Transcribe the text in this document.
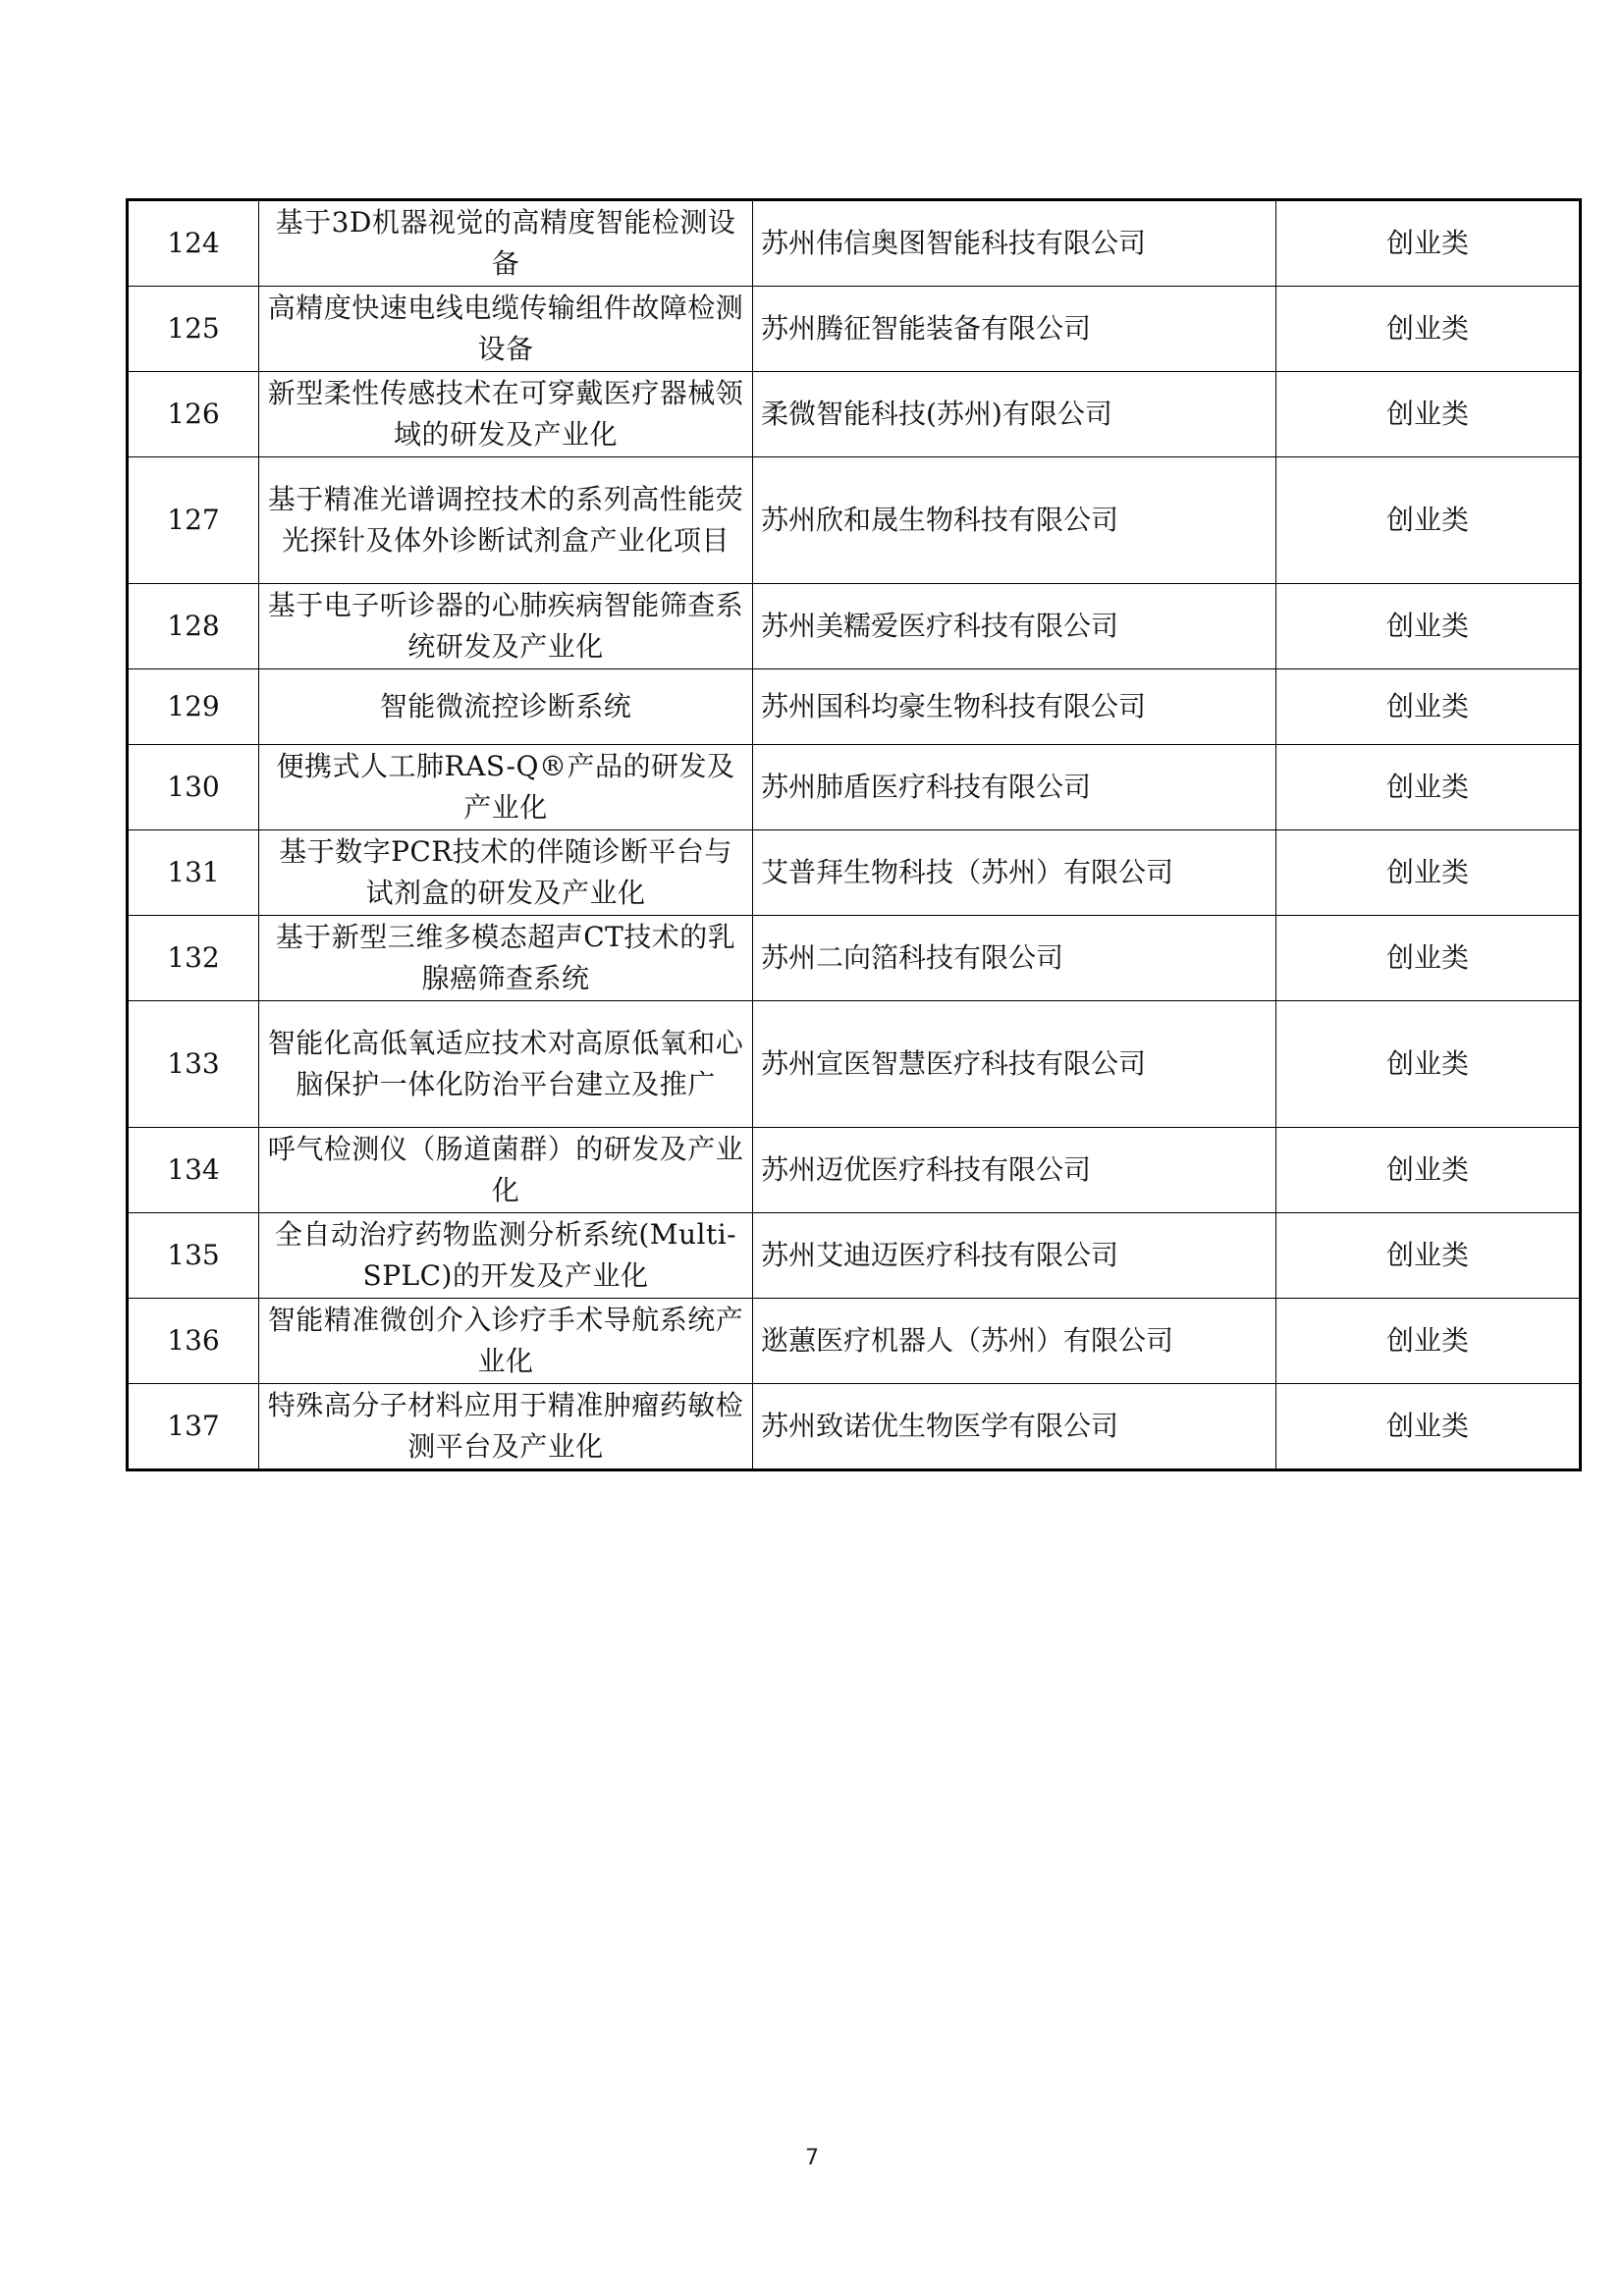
124	基于3D机器视觉的高精度智能检测设备	苏州伟信奥图智能科技有限公司	创业类
125	高精度快速电线电缆传输组件故障检测设备	苏州腾征智能装备有限公司	创业类
126	新型柔性传感技术在可穿戴医疗器械领域的研发及产业化	柔微智能科技(苏州)有限公司	创业类
127	基于精准光谱调控技术的系列高性能荧光探针及体外诊断试剂盒产业化项目	苏州欣和晟生物科技有限公司	创业类
128	基于电子听诊器的心肺疾病智能筛查系统研发及产业化	苏州美糯爱医疗科技有限公司	创业类
129	智能微流控诊断系统	苏州国科均豪生物科技有限公司	创业类
130	便携式人工肺RAS-Q®产品的研发及产业化	苏州肺盾医疗科技有限公司	创业类
131	基于数字PCR技术的伴随诊断平台与试剂盒的研发及产业化	艾普拜生物科技（苏州）有限公司	创业类
132	基于新型三维多模态超声CT技术的乳腺癌筛查系统	苏州二向箔科技有限公司	创业类
133	智能化高低氧适应技术对高原低氧和心脑保护一体化防治平台建立及推广	苏州宣医智慧医疗科技有限公司	创业类
134	呼气检测仪（肠道菌群）的研发及产业化	苏州迈优医疗科技有限公司	创业类
135	全自动治疗药物监测分析系统(Multi-SPLC)的开发及产业化	苏州艾迪迈医疗科技有限公司	创业类
136	智能精准微创介入诊疗手术导航系统产业化	逖蕙医疗机器人（苏州）有限公司	创业类
137	特殊高分子材料应用于精准肿瘤药敏检测平台及产业化	苏州致诺优生物医学有限公司	创业类
7
